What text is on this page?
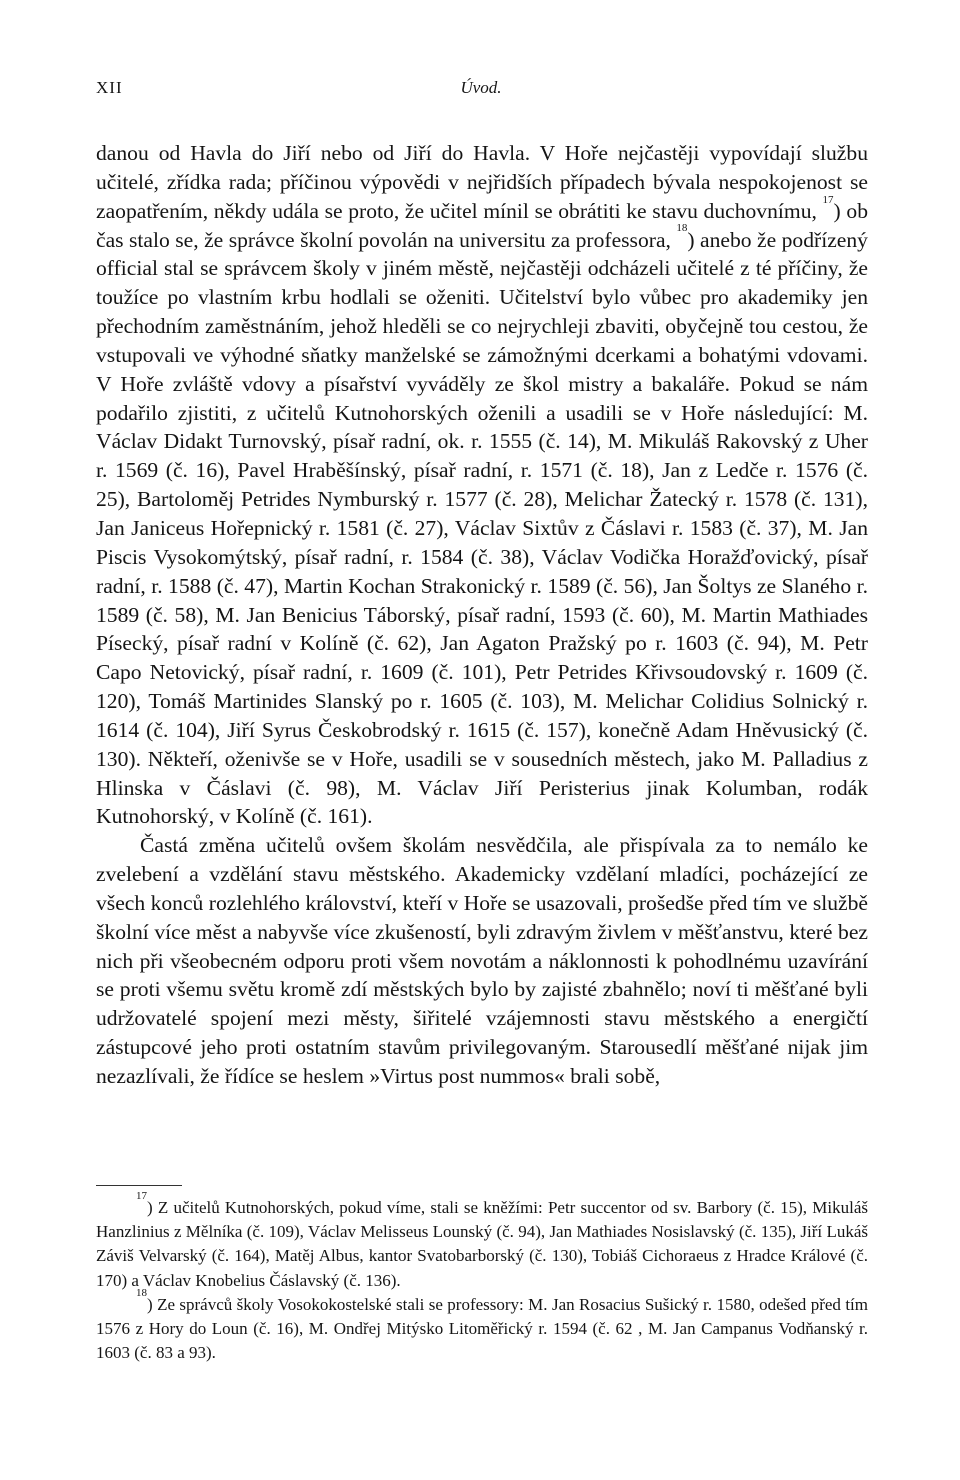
XII	Úvod.

danou od Havla do Jiří nebo od Jiří do Havla. V Hoře nejčastěji vypovídají službu učitelé, zřídka rada; příčinou výpovědi v nejřidších případech bývala nespokojenost se zaopatřením, někdy udála se proto, že učitel mínil se obrátiti ke stavu duchovnímu, $^{17}$) ob čas stalo se, že správce školní povolán na universitu za professora, $^{18}$) anebo že podřízený official stal se správcem školy v jiném městě, nejčastěji odcházeli učitelé z té příčiny, že toužíce po vlastním krbu hodlali se oženiti. Učitelství bylo vůbec pro akademiky jen přechodním zaměstnáním, jehož hleděli se co nejrychleji zbaviti, obyčejně tou cestou, že vstupovali ve výhodné sňatky manželské se zámožnými dcerkami a bohatými vdovami. V Hoře zvláště vdovy a písařství vyváděly ze škol mistry a bakaláře. Pokud se nám podařilo zjistiti, z učitelů Kutnohorských oženili a usadili se v Hoře následující: M. Václav Didakt Turnovský, písař radní, ok. r. 1555 (č. 14), M. Mikuláš Rakovský z Uher r. 1569 (č. 16), Pavel Hraběšínský, písař radní, r. 1571 (č. 18), Jan z Ledče r. 1576 (č. 25), Bartoloměj Petrides Nymburský r. 1577 (č. 28), Melichar Žatecký r. 1578 (č. 131), Jan Janiceus Hořepnický r. 1581 (č. 27), Václav Sixtův z Čáslavi r. 1583 (č. 37), M. Jan Piscis Vysokomýtský, písař radní, r. 1584 (č. 38), Václav Vodička Horažďovický, písař radní, r. 1588 (č. 47), Martin Kochan Strakonický r. 1589 (č. 56), Jan Šoltys ze Slaného r. 1589 (č. 58), M. Jan Benicius Táborský, písař radní, 1593 (č. 60), M. Martin Mathiades Písecký, písař radní v Kolíně (č. 62), Jan Agaton Pražský po r. 1603 (č. 94), M. Petr Capo Netovický, písař radní, r. 1609 (č. 101), Petr Petrides Křivsoudovský r. 1609 (č. 120), Tomáš Martinides Slanský po r. 1605 (č. 103), M. Melichar Colidius Solnický r. 1614 (č. 104), Jiří Syrus Českobrodský r. 1615 (č. 157), konečně Adam Hněvusický (č. 130). Někteří, oženivše se v Hoře, usadili se v sousedních městech, jako M. Palladius z Hlinska v Čáslavi (č. 98), M. Václav Jiří Peristerius jinak Kolumban, rodák Kutnohorský, v Kolíně (č. 161).

Častá změna učitelů ovšem školám nesvědčila, ale přispívala za to nemálo ke zvelebení a vzdělání stavu městského. Akademicky vzdělaní mladíci, pocházející ze všech konců rozlehlého království, kteří v Hoře se usazovali, prošedše před tím ve službě školní více měst a nabyvše více zkušeností, byli zdravým živlem v měšťanstvu, které bez nich při všeobecném odporu proti všem novotám a náklonnosti k pohodlnému uzavírání se proti všemu světu kromě zdí městských bylo by zajisté zbahnělo; noví ti měšťané byli udržovatelé spojení mezi městy, šiřitelé vzájemnosti stavu městského a energičtí zástupcové jeho proti ostatním stavům privilegovaným. Starousedlí měšťané nijak jim nezazlívali, že řídíce se heslem »Virtus post nummos« brali sobě,

$^{17}$) Z učitelů Kutnohorských, pokud víme, stali se kněžími: Petr succentor od sv. Barbory (č. 15), Mikuláš Hanzlinius z Mělníka (č. 109), Václav Melisseus Lounský (č. 94), Jan Mathiades Nosislavský (č. 135), Jiří Lukáš Záviš Velvarský (č. 164), Matěj Albus, kantor Svatobarborský (č. 130), Tobiáš Cichoraeus z Hradce Králové (č. 170) a Václav Knobelius Čáslavský (č. 136).

$^{18}$) Ze správců školy Vosokokostelské stali se professory: M. Jan Rosacius Sušický r. 1580, odešed před tím 1576 z Hory do Loun (č. 16), M. Ondřej Mitýsko Litoměřický r. 1594 (č. 62 , M. Jan Campanus Vodňanský r. 1603 (č. 83 a 93).
